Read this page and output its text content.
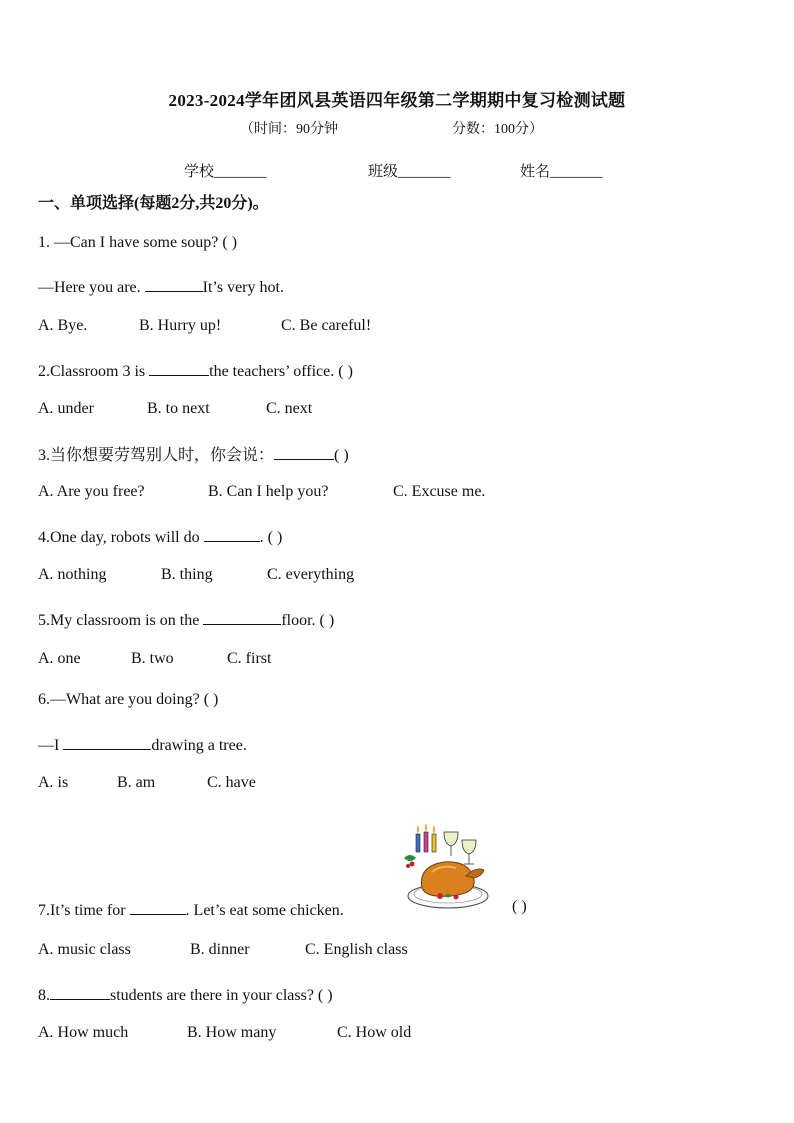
2023-2024学年团风县英语四年级第二学期期中复习检测试题
（时间：90分钟	分数：100分）
学校_______	班级_______	姓名_______
一、单项选择(每题2分,共20分)。
1. —Can I have some soup? ( )
—Here you are.	It’s very hot.
A. Bye.	B. Hurry up!	C. Be careful!
2.Classroom 3 is	the teachers’ office. ( )
A. under	B. to next	C. next
3.当你想要劳驾别人时，你会说：	( )
A. Are you free?	B. Can I help you?	C. Excuse me.
4.One day, robots will do	. ( )
A. nothing	B. thing	C. everything
5.My classroom is on the	floor. ( )
A. one	B. two	C. first
6.—What are you doing? ( )
—I	drawing a tree.
A. is	B. am	C. have
7.It’s time for	. Let’s eat some chicken.	( )
A. music class	B. dinner	C. English class
8.	students are there in your class? ( )
A. How much	B. How many	C. How old
